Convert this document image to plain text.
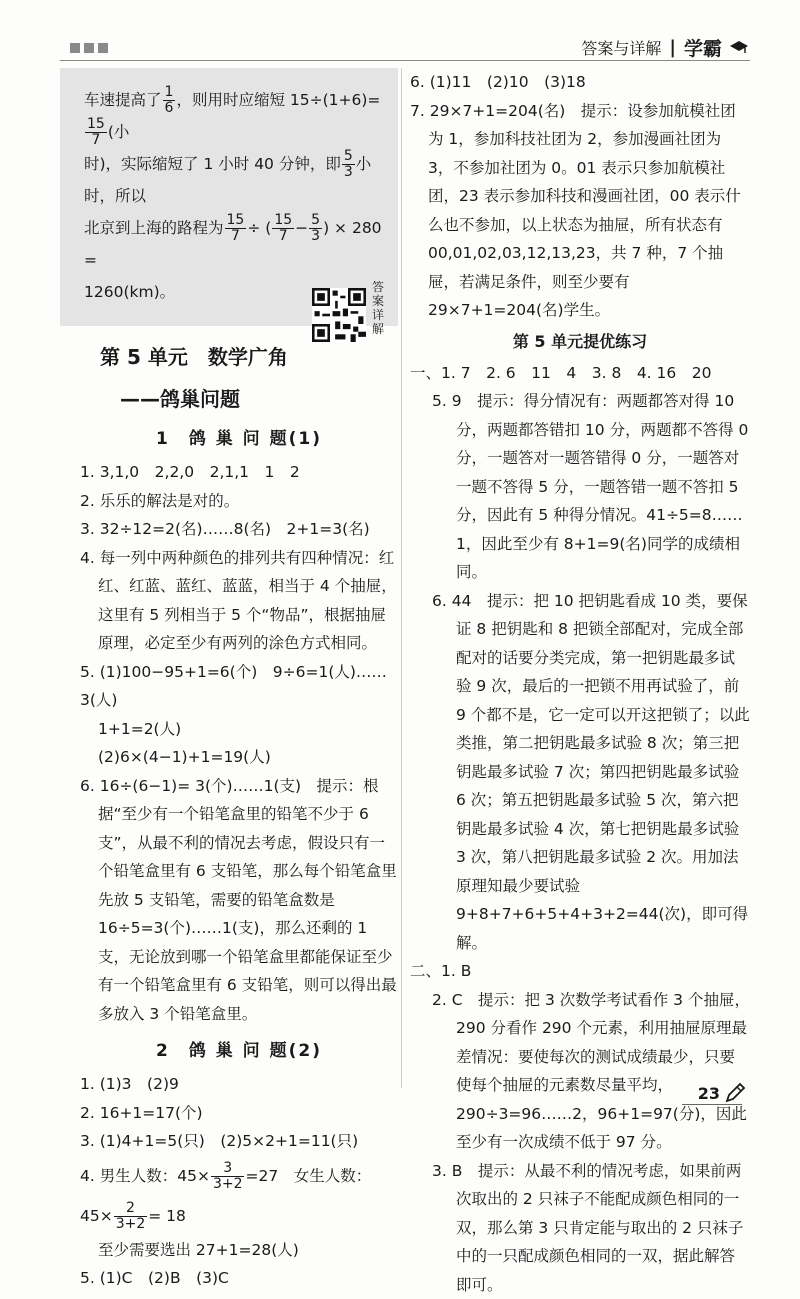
答案与详解 | 学霸
车速提高了 $\frac{1}{6}$ ，则用时应缩短 15÷(1+6)=
$\frac{15}{7}$ (小
时)，实际缩短了 1 小时 40 分钟，即 $\frac{5}{3}$ 小时，所以
北京到上海的路程为 $\frac{15}{7}$ ÷ ( $\frac{15}{7} - \frac{5}{3}$ ) × 280 =
1260(km)。
第 5 单元　数学广角
——鸽巢问题
答案详解
1　鸽 巢 问 题(1)

1. 3,1,0　2,2,0　2,1,1　1　2

2. 乐乐的解法是对的。

3. 32÷12=2(名)……8(名)　2+1=3(名)

4. 每一列中两种颜色的排列共有四种情况：红红、红蓝、蓝红、蓝蓝，相当于 4 个抽屉，这里有 5 列相当于 5 个“物品”，根据抽屉原理，必定至少有两列的涂色方式相同。

5. (1)100−95+1=6(个)　9÷6=1(人)……3(人)

1+1=2(人)

(2)6×(4−1)+1=19(人)

6. 16÷(6−1)= 3(个)……1(支)　提示：根据“至少有一个铅笔盒里的铅笔不少于 6 支”，从最不利的情况去考虑，假设只有一个铅笔盒里有 6 支铅笔，那么每个铅笔盒里先放 5 支铅笔，需要的铅笔盒数是 16÷5=3(个)……1(支)，那么还剩的 1 支，无论放到哪一个铅笔盒里都能保证至少有一个铅笔盒里有 6 支铅笔，则可以得出最多放入 3 个铅笔盒里。

2　鸽 巢 问 题(2)

1. (1)3　(2)9

2. 16+1=17(个)

3. (1)4+1=5(只)　(2)5×2+1=11(只)

4. 男生人数：$45\times \frac{3}{3+2} =27$　女生人数：$45\times \frac{2}{3+2} = 18$

至少需要选出 27+1=28(人)

5. (1)C　(2)B　(3)C

6. (1)11　(2)10　(3)18

7. 29×7+1=204(名)　提示：设参加航模社团为 1，参加科技社团为 2，参加漫画社团为 3，不参加社团为 0。01 表示只参加航模社团，23 表示参加科技和漫画社团，00 表示什么也不参加，以上状态为抽屉，所有状态有 00,01,02,03,12,13,23，共 7 种，7 个抽屉，若满足条件，则至少要有 29×7+1=204(名)学生。

第 5 单元提优练习

一、1. 7　2. 6　11　4　3. 8　4. 16　20

5. 9　提示：得分情况有：两题都答对得 10 分，两题都答错扣 10 分，两题都不答得 0 分，一题答对一题答错得 0 分，一题答对一题不答得 5 分，一题答错一题不答扣 5 分，因此有 5 种得分情况。41÷5=8……1，因此至少有 8+1=9(名)同学的成绩相同。

6. 44　提示：把 10 把钥匙看成 10 类，要保证 8 把钥匙和 8 把锁全部配对，完成全部配对的话要分类完成，第一把钥匙最多试验 9 次，最后的一把锁不用再试验了，前 9 个都不是，它一定可以开这把锁了；以此类推，第二把钥匙最多试验 8 次；第三把钥匙最多试验 7 次；第四把钥匙最多试验 6 次；第五把钥匙最多试验 5 次，第六把钥匙最多试验 4 次，第七把钥匙最多试验 3 次，第八把钥匙最多试验 2 次。用加法原理知最少要试验 9+8+7+6+5+4+3+2=44(次)，即可得解。

二、1. B

2. C　提示：把 3 次数学考试看作 3 个抽屉，290 分看作 290 个元素，利用抽屉原理最差情况：要使每次的测试成绩最少，只要使每个抽屉的元素数尽量平均，290÷3=96……2，96+1=97(分)，因此至少有一次成绩不低于 97 分。

3. B　提示：从最不利的情况考虑，如果前两次取出的 2 只袜子不能配成颜色相同的一双，那么第 3 只肯定能与取出的 2 只袜子中的一只配成颜色相同的一双，据此解答即可。

23
